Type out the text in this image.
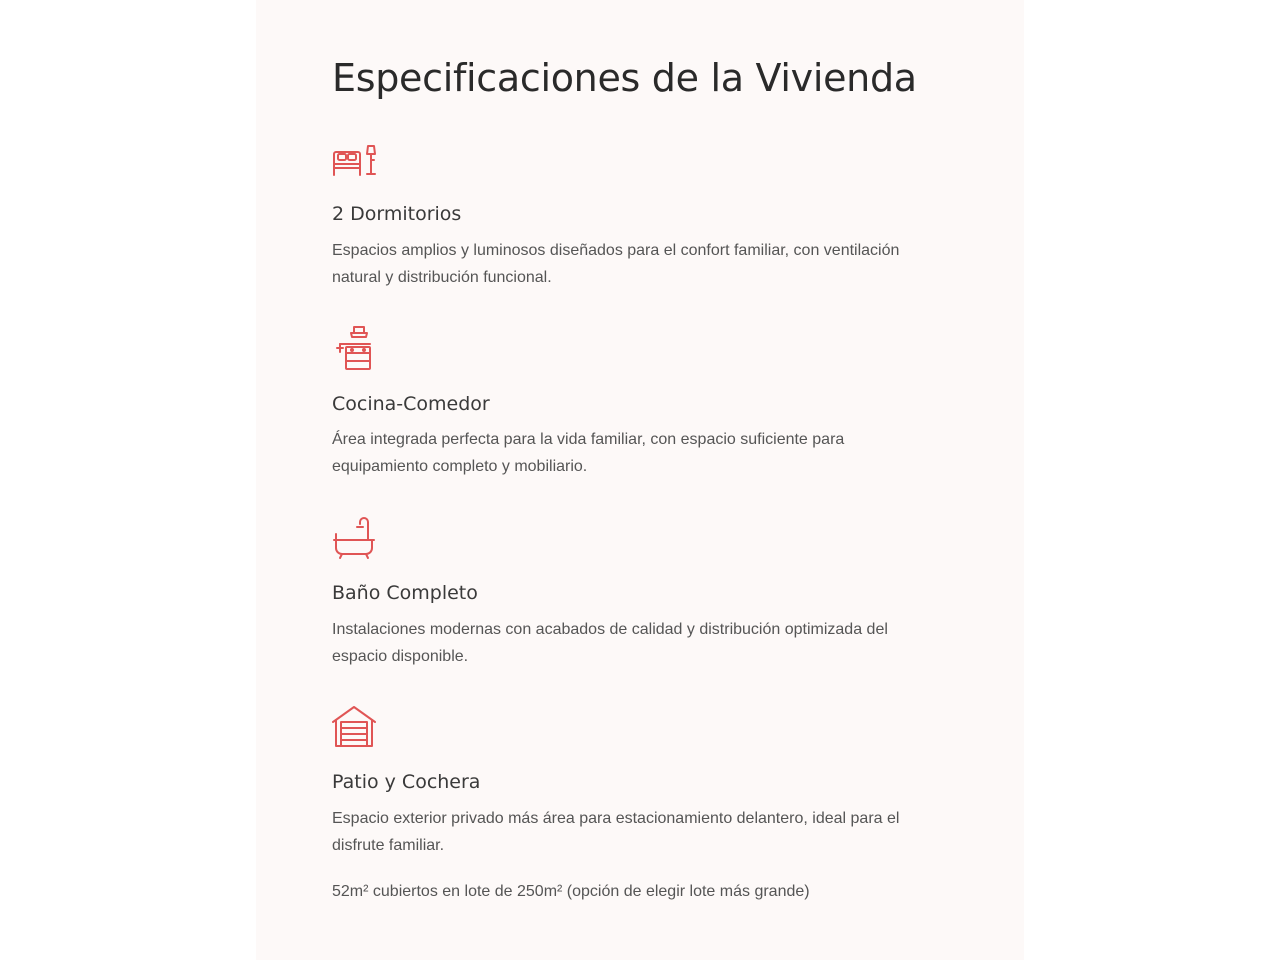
Especificaciones de la Vivienda
2 Dormitorios

Espacios amplios y luminosos diseñados para el confort familiar, con ventilación natural y distribución funcional.

Cocina-Comedor

Área integrada perfecta para la vida familiar, con espacio suficiente para equipamiento completo y mobiliario.

Baño Completo

Instalaciones modernas con acabados de calidad y distribución optimizada del espacio disponible.

Patio y Cochera

Espacio exterior privado más área para estacionamiento delantero, ideal para el disfrute familiar.

52m² cubiertos en lote de 250m² (opción de elegir lote más grande)
